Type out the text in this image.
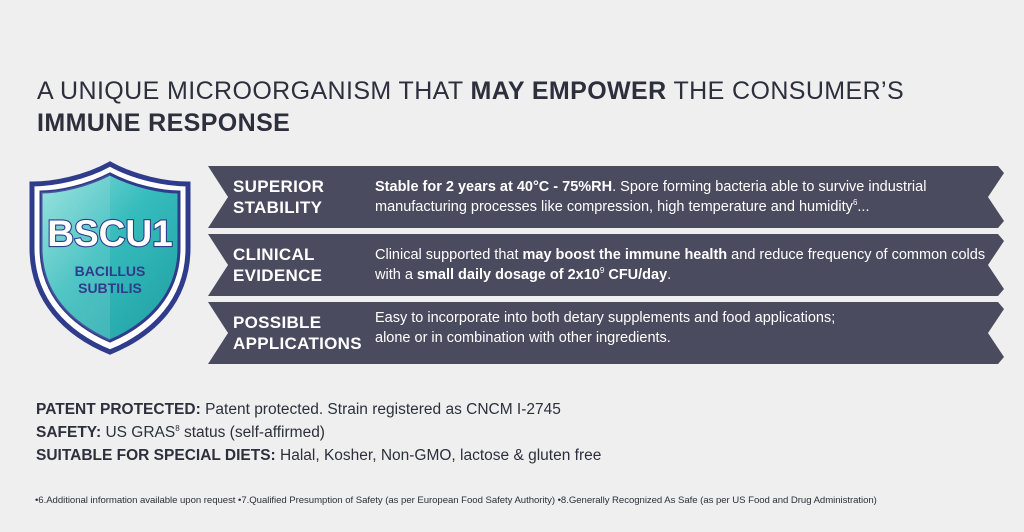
A UNIQUE MICROORGANISM THAT MAY EMPOWER THE CONSUMER’S
IMMUNE RESPONSE
BSCU1
BACILLUS
SUBTILIS
SUPERIOR
STABILITY
Stable for 2 years at 40°C - 75%RH. Spore forming bacteria able to survive industrial manufacturing processes like compression, high temperature and humidity$^6$...
CLINICAL
EVIDENCE
Clinical supported that may boost the immune health and reduce frequency of common colds with a small daily dosage of $2x10^9$ CFU/day.
POSSIBLE
APPLICATIONS
Easy to incorporate into both detary supplements and food applications;
alone or in combination with other ingredients.
PATENT PROTECTED: Patent protected. Strain registered as CNCM I-2745
SAFETY: US GRAS$^8$ status (self-affirmed)
SUITABLE FOR SPECIAL DIETS: Halal, Kosher, Non-GMO, lactose & gluten free
•6.Additional information available upon request •7.Qualified Presumption of Safety (as per European Food Safety Authority) •8.Generally Recognized As Safe (as per US Food and Drug Administration)
